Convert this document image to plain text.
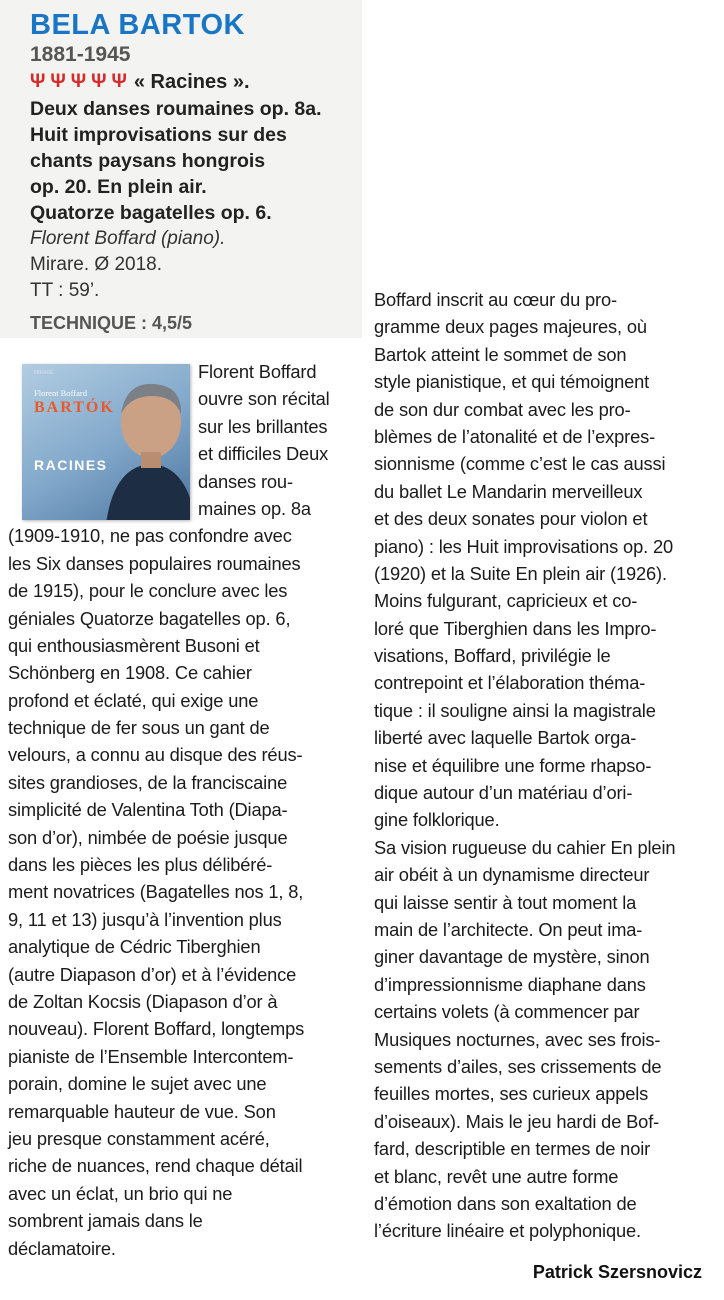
BELA BARTOK
1881-1945
Ψ Ψ Ψ Ψ Ψ « Racines ».
Deux danses roumaines op. 8a.
Huit improvisations sur des
chants paysans hongrois
op. 20. En plein air.
Quatorze bagatelles op. 6.
Florent Boffard (piano).
Mirare. Ø 2018.
TT : 59’.
TECHNIQUE : 4,5/5
MIRARE
Florent Boffard
BARTÓK
RACINES
Florent Boffard
ouvre son récital
sur les brillantes
et difficiles Deux
danses rou-
maines op. 8a
(1909-1910, ne pas confondre avec
les Six danses populaires roumaines
de 1915), pour le conclure avec les
géniales Quatorze bagatelles op. 6,
qui enthousiasmèrent Busoni et
Schönberg en 1908. Ce cahier
profond et éclaté, qui exige une
technique de fer sous un gant de
velours, a connu au disque des réus-
sites grandioses, de la franciscaine
simplicité de Valentina Toth (Diapa-
son d’or), nimbée de poésie jusque
dans les pièces les plus délibéré-
ment novatrices (Bagatelles nos 1, 8,
9, 11 et 13) jusqu’à l’invention plus
analytique de Cédric Tiberghien
(autre Diapason d’or) et à l’évidence
de Zoltan Kocsis (Diapason d’or à
nouveau). Florent Boffard, longtemps
pianiste de l’Ensemble Intercontem-
porain, domine le sujet avec une
remarquable hauteur de vue. Son
jeu presque constamment acéré,
riche de nuances, rend chaque détail
avec un éclat, un brio qui ne
sombrent jamais dans le
déclamatoire.
Boffard inscrit au cœur du pro-
gramme deux pages majeures, où
Bartok atteint le sommet de son
style pianistique, et qui témoignent
de son dur combat avec les pro-
blèmes de l’atonalité et de l’expres-
sionnisme (comme c’est le cas aussi
du ballet Le Mandarin merveilleux
et des deux sonates pour violon et
piano) : les Huit improvisations op. 20
(1920) et la Suite En plein air (1926).
Moins fulgurant, capricieux et co-
loré que Tiberghien dans les Impro-
visations, Boffard, privilégie le
contrepoint et l’élaboration théma-
tique : il souligne ainsi la magistrale
liberté avec laquelle Bartok orga-
nise et équilibre une forme rhapso-
dique autour d’un matériau d’ori-
gine folklorique.
Sa vision rugueuse du cahier En plein
air obéit à un dynamisme directeur
qui laisse sentir à tout moment la
main de l’architecte. On peut ima-
giner davantage de mystère, sinon
d’impressionnisme diaphane dans
certains volets (à commencer par
Musiques nocturnes, avec ses frois-
sements d’ailes, ses crissements de
feuilles mortes, ses curieux appels
d’oiseaux). Mais le jeu hardi de Bof-
fard, descriptible en termes de noir
et blanc, revêt une autre forme
d’émotion dans son exaltation de
l’écriture linéaire et polyphonique.
Patrick Szersnovicz
